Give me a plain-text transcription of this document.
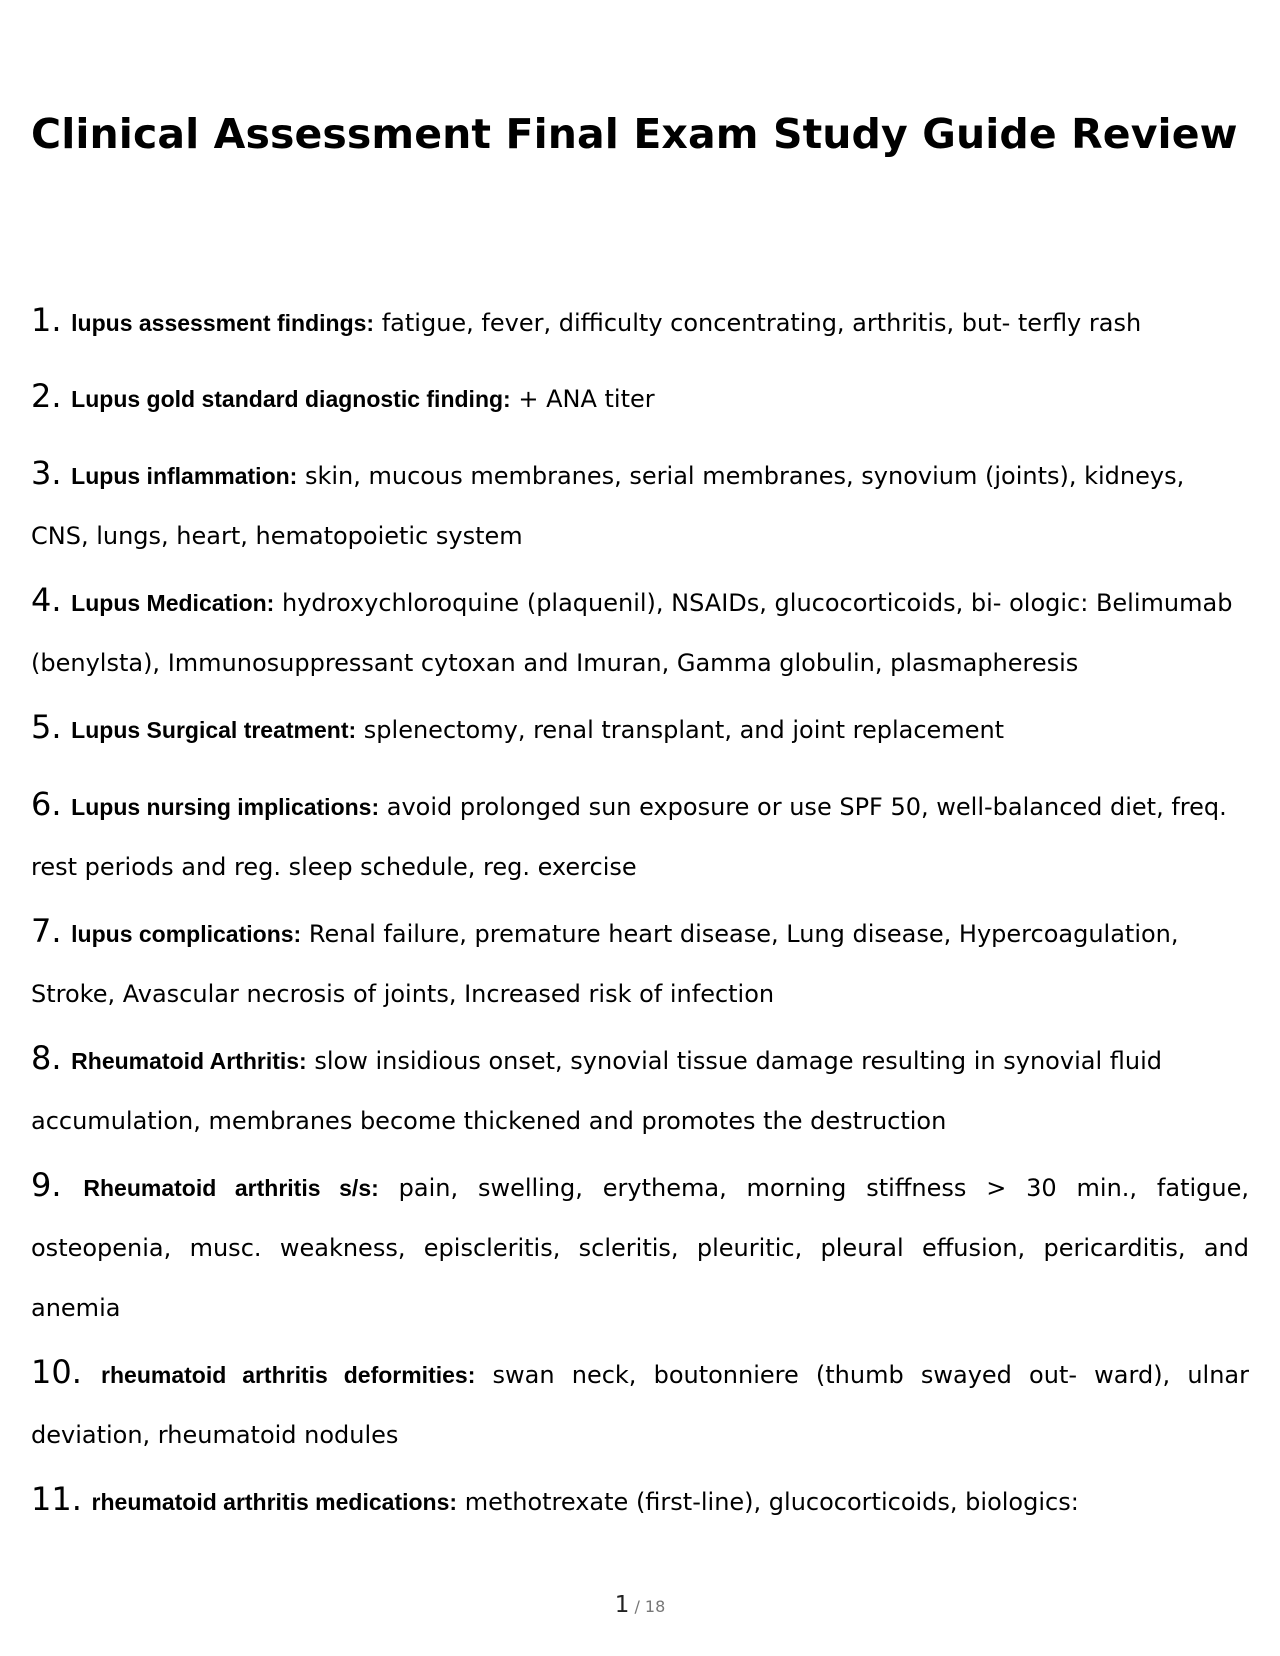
Clinical Assessment Final Exam Study Guide Review

1. lupus assessment findings: fatigue, fever, difficulty concentrating, arthritis, but- terfly rash

2. Lupus gold standard diagnostic finding: + ANA titer

3. Lupus inflammation: skin, mucous membranes, serial membranes, synovium (joints), kidneys, CNS, lungs, heart, hematopoietic system

4. Lupus Medication: hydroxychloroquine (plaquenil), NSAIDs, glucocorticoids, bi- ologic: Belimumab (benylsta), Immunosuppressant cytoxan and Imuran, Gamma globulin, plasmapheresis

5. Lupus Surgical treatment: splenectomy, renal transplant, and joint replacement

6. Lupus nursing implications: avoid prolonged sun exposure or use SPF 50, well-balanced diet, freq. rest periods and reg. sleep schedule, reg. exercise

7. lupus complications: Renal failure, premature heart disease, Lung disease, Hypercoagulation, Stroke, Avascular necrosis of joints, Increased risk of infection

8. Rheumatoid Arthritis: slow insidious onset, synovial tissue damage resulting in synovial fluid accumulation, membranes become thickened and promotes the destruction

9. Rheumatoid arthritis s/s: pain, swelling, erythema, morning stiffness > 30 min., fatigue, osteopenia, musc. weakness, episcleritis, scleritis, pleuritic, pleural effusion, pericarditis, and anemia

10. rheumatoid arthritis deformities: swan neck, boutonniere (thumb swayed out- ward), ulnar deviation, rheumatoid nodules

11. rheumatoid arthritis medications: methotrexate (first-line), glucocorticoids, biologics:

1 / 18
